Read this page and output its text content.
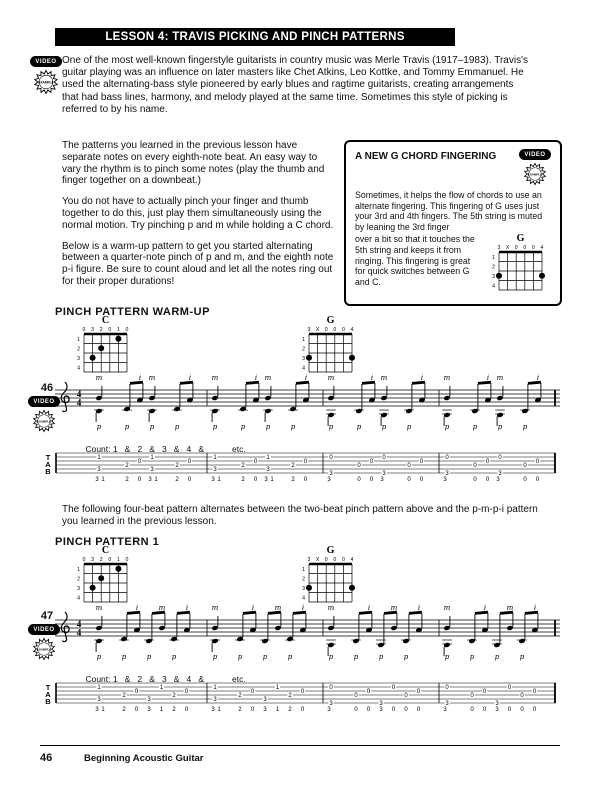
LESSON 4: TRAVIS PICKING AND PINCH PATTERNS
VIDEO
EXAMPLE

One of the most well-known fingerstyle guitarists in country music was Merle Travis (1917–1983). Travis's guitar playing was an influence on later masters like Chet Atkins, Leo Kottke, and Tommy Emmanuel. He used the alternating-bass style pioneered by early blues and ragtime guitarists, creating arrangements that had bass lines, harmony, and melody played at the same time. Sometimes this style of picking is referred to by his name.

The patterns you learned in the previous lesson have separate notes on every eighth-note beat. An easy way to vary the rhythm is to pinch some notes (play the thumb and finger together on a downbeat.)

You do not have to actually pinch your finger and thumb together to do this, just play them simultaneously using the normal motion. Try pinching p and m while holding a C chord.

Below is a warm-up pattern to get you started alternating between a quarter-note pinch of p and m, and the eighth note p-i figure. Be sure to count aloud and let all the notes ring out for their proper durations!

A NEW G CHORD FINGERING	VIDEO
EXAMPLE

Sometimes, it helps the flow of chords to use an alternate fingering. This fingering of G uses just your 3rd and 4th fingers. The 5th string is muted by leaning the 3rd finger

over a bit so that it touches the 5th string and keeps it from ringing. This fingering is great for quick switches between G and C.

G
3 X 0 0 0 4
1
2
3
4
PINCH PATTERN WARM-UP
C
0 3 2 0 1 0
1
2
3
4
G
3 X 0 0 0 4
1
2
3
4
46
VIDEO
EXAMPLE
4
4
m
p	p
i m
p	p
i	m
p	p
i m
p	p
i	m
p	p
i m
p	p
i	m
p	p
i m
p	p
i

Count: 1   &   2   &   3   &   4   &	etc.

T
A
B
1
3
2
0
1
3
2
0
3 1	2 0 3 1	2 0
1
3
2
0
1
3
2
0
3 1	2 0 3 1	2 0
0
3
0
0
0
3
0
0
3	0 0 3	0 0
0
3
0
0
0
3
0
0
3	0 0 3	0 0

The following four-beat pattern alternates between the two-beat pinch pattern above and the p-m-p-i pattern you learned in the previous lesson.

PINCH PATTERN 1
C
0 3 2 0 1 0
1
2
3
4
G
3 X 0 0 0 4
1
2
3
4
47
VIDEO
EXAMPLE
4
4
m
p	p
i
p
m
p
i	m
p	p
i
p
m
p
i	m
p	p
i
p
m
p
i	m
p	p
i
p
m
p
i

Count: 1   &   2   &   3   &   4   &	etc.

T
A
B
1
3
2
0
3
1
2
0
3 1	2 0 3 1 2 0
1
3
2
0
3
1
2
0
3 1	2 0 3 1 2 0
0
3
0
0
3
0
0
0
3	0 0 3 0 0 0
0
3
0
0
3
0
0
0
3	0 0 3 0 0 0
46	Beginning Acoustic Guitar
